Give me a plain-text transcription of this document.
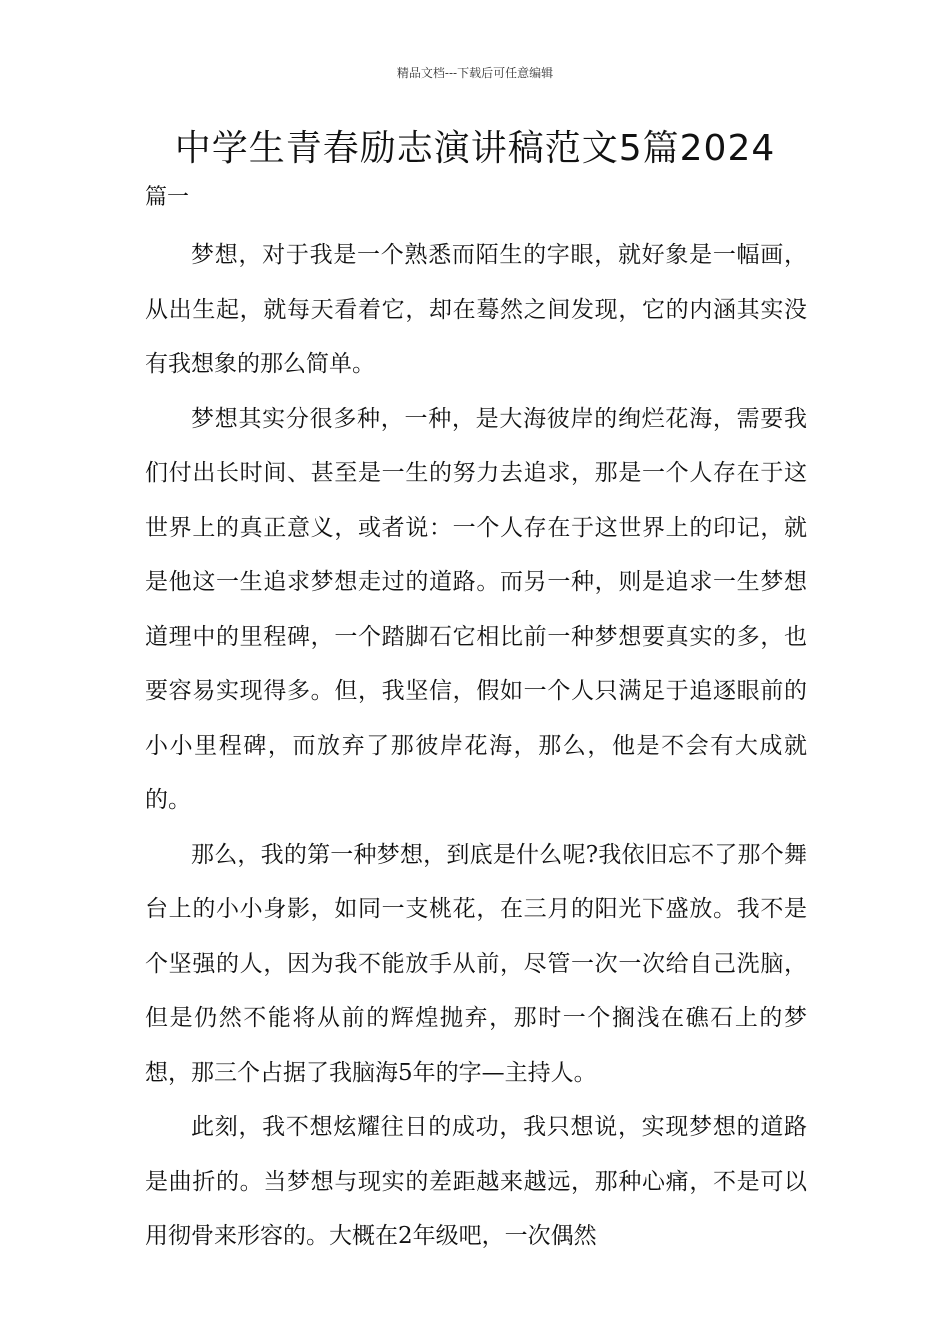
精品文档---下载后可任意编辑
中学生青春励志演讲稿范文5篇2024
篇一

梦想，对于我是一个熟悉而陌生的字眼，就好象是一幅画，从出生起，就每天看着它，却在蓦然之间发现，它的内涵其实没有我想象的那么简单。

梦想其实分很多种，一种，是大海彼岸的绚烂花海，需要我们付出长时间、甚至是一生的努力去追求，那是一个人存在于这世界上的真正意义，或者说：一个人存在于这世界上的印记，就是他这一生追求梦想走过的道路。而另一种，则是追求一生梦想道理中的里程碑，一个踏脚石它相比前一种梦想要真实的多，也要容易实现得多。但，我坚信，假如一个人只满足于追逐眼前的小小里程碑，而放弃了那彼岸花海，那么，他是不会有大成就的。

那么，我的第一种梦想，到底是什么呢?我依旧忘不了那个舞台上的小小身影，如同一支桃花，在三月的阳光下盛放。我不是个坚强的人，因为我不能放手从前，尽管一次一次给自己洗脑，但是仍然不能将从前的辉煌抛弃，那时一个搁浅在礁石上的梦想，那三个占据了我脑海5年的字—主持人。

此刻，我不想炫耀往日的成功，我只想说，实现梦想的道路是曲折的。当梦想与现实的差距越来越远，那种心痛，不是可以用彻骨来形容的。大概在2年级吧，一次偶然
